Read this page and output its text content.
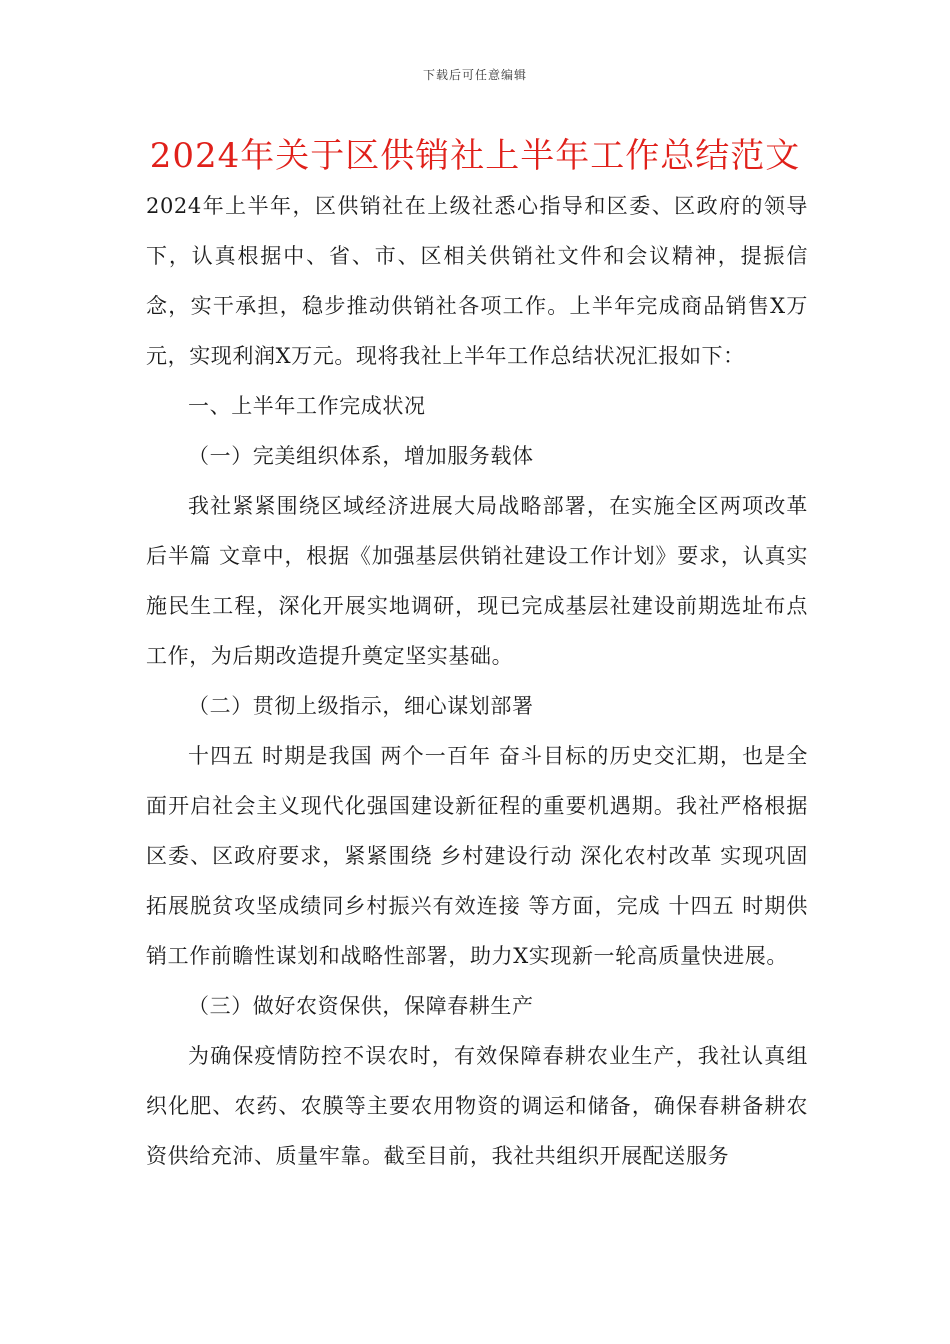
下载后可任意编辑
2024年关于区供销社上半年工作总结范文

2024年上半年，区供销社在上级社悉心指导和区委、区政府的领导下，认真根据中、省、市、区相关供销社文件和会议精神，提振信念，实干承担，稳步推动供销社各项工作。上半年完成商品销售X万元，实现利润X万元。现将我社上半年工作总结状况汇报如下：

一、上半年工作完成状况

（一）完美组织体系，增加服务载体

我社紧紧围绕区域经济进展大局战略部署，在实施全区两项改革 后半篇 文章中，根据《加强基层供销社建设工作计划》要求，认真实施民生工程，深化开展实地调研，现已完成基层社建设前期选址布点工作，为后期改造提升奠定坚实基础。

（二）贯彻上级指示，细心谋划部署

十四五 时期是我国 两个一百年 奋斗目标的历史交汇期，也是全面开启社会主义现代化强国建设新征程的重要机遇期。我社严格根据区委、区政府要求，紧紧围绕 乡村建设行动 深化农村改革 实现巩固拓展脱贫攻坚成绩同乡村振兴有效连接 等方面，完成 十四五 时期供销工作前瞻性谋划和战略性部署，助力X实现新一轮高质量快进展。

（三）做好农资保供，保障春耕生产

为确保疫情防控不误农时，有效保障春耕农业生产，我社认真组织化肥、农药、农膜等主要农用物资的调运和储备，确保春耕备耕农资供给充沛、质量牢靠。截至目前，我社共组织开展配送服务
